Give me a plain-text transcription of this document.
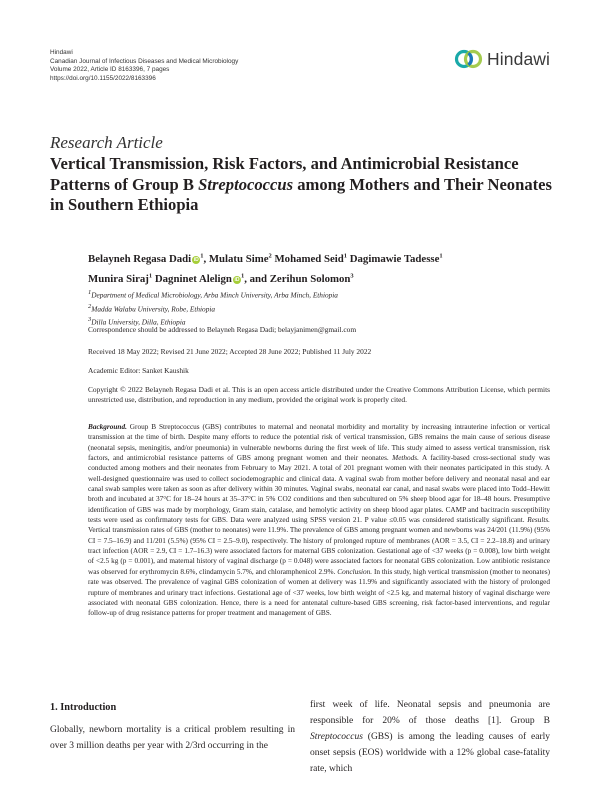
Hindawi
Canadian Journal of Infectious Diseases and Medical Microbiology
Volume 2022, Article ID 8163396, 7 pages
https://doi.org/10.1155/2022/8163396
Hindawi
Research Article
Vertical Transmission, Risk Factors, and Antimicrobial Resistance Patterns of Group B Streptococcus among Mothers and Their Neonates in Southern Ethiopia
Belayneh Regasa Dadi $iD^1$, Mulatu Sime$^2$ Mohamed Seid$^1$ Dagimawie Tadesse$^1$
Munira Siraj$^1$ Dagninet Alelign $iD^1$, and Zerihun Solomon$^3$
$^1$Department of Medical Microbiology, Arba Minch University, Arba Minch, Ethiopia
$^2$Madda Walabu University, Robe, Ethiopia
$^3$Dilla University, Dilla, Ethiopia
Correspondence should be addressed to Belayneh Regasa Dadi; belayjanimen@gmail.com
Received 18 May 2022; Revised 21 June 2022; Accepted 28 June 2022; Published 11 July 2022
Academic Editor: Sanket Kaushik
Copyright © 2022 Belayneh Regasa Dadi et al. This is an open access article distributed under the Creative Commons Attribution License, which permits unrestricted use, distribution, and reproduction in any medium, provided the original work is properly cited.
Background. Group B Streptococcus (GBS) contributes to maternal and neonatal morbidity and mortality by increasing intrauterine infection or vertical transmission at the time of birth. Despite many efforts to reduce the potential risk of vertical transmission, GBS remains the main cause of serious disease (neonatal sepsis, meningitis, and/or pneumonia) in vulnerable newborns during the first week of life. This study aimed to assess vertical transmission, risk factors, and antimicrobial resistance patterns of GBS among pregnant women and their neonates. Methods. A facility-based cross-sectional study was conducted among mothers and their neonates from February to May 2021. A total of 201 pregnant women with their neonates participated in this study. A well-designed questionnaire was used to collect sociodemographic and clinical data. A vaginal swab from mother before delivery and neonatal nasal and ear canal swab samples were taken as soon as after delivery within 30 minutes. Vaginal swabs, neonatal ear canal, and nasal swabs were placed into Todd–Hewitt broth and incubated at 37°C for 18–24 hours at 35–37°C in 5% CO2 conditions and then subcultured on 5% sheep blood agar for 18–48 hours. Presumptive identification of GBS was made by morphology, Gram stain, catalase, and hemolytic activity on sheep blood agar plates. CAMP and bacitracin susceptibility tests were used as confirmatory tests for GBS. Data were analyzed using SPSS version 21. P value ≤0.05 was considered statistically significant. Results. Vertical transmission rates of GBS (mother to neonates) were 11.9%. The prevalence of GBS among pregnant women and newborns was 24/201 (11.9%) (95% CI = 7.5–16.9) and 11/201 (5.5%) (95% CI = 2.5–9.0), respectively. The history of prolonged rupture of membranes (AOR = 3.5, CI = 2.2–18.8) and urinary tract infection (AOR = 2.9, CI = 1.7–16.3) were associated factors for maternal GBS colonization. Gestational age of <37 weeks (p = 0.008), low birth weight of <2.5 kg (p = 0.001), and maternal history of vaginal discharge (p = 0.048) were associated factors for neonatal GBS colonization. Low antibiotic resistance was observed for erythromycin 8.6%, clindamycin 5.7%, and chloramphenicol 2.9%. Conclusion. In this study, high vertical transmission (mother to neonates) rate was observed. The prevalence of vaginal GBS colonization of women at delivery was 11.9% and significantly associated with the history of prolonged rupture of membranes and urinary tract infections. Gestational age of <37 weeks, low birth weight of <2.5 kg, and maternal history of vaginal discharge were associated with neonatal GBS colonization. Hence, there is a need for antenatal culture-based GBS screening, risk factor-based interventions, and regular follow-up of drug resistance patterns for proper treatment and management of GBS.
1. Introduction
Globally, newborn mortality is a critical problem resulting in over 3 million deaths per year with 2/3rd occurring in the
first week of life. Neonatal sepsis and pneumonia are responsible for 20% of those deaths [1]. Group B Streptococcus (GBS) is among the leading causes of early onset sepsis (EOS) worldwide with a 12% global case-fatality rate, which
